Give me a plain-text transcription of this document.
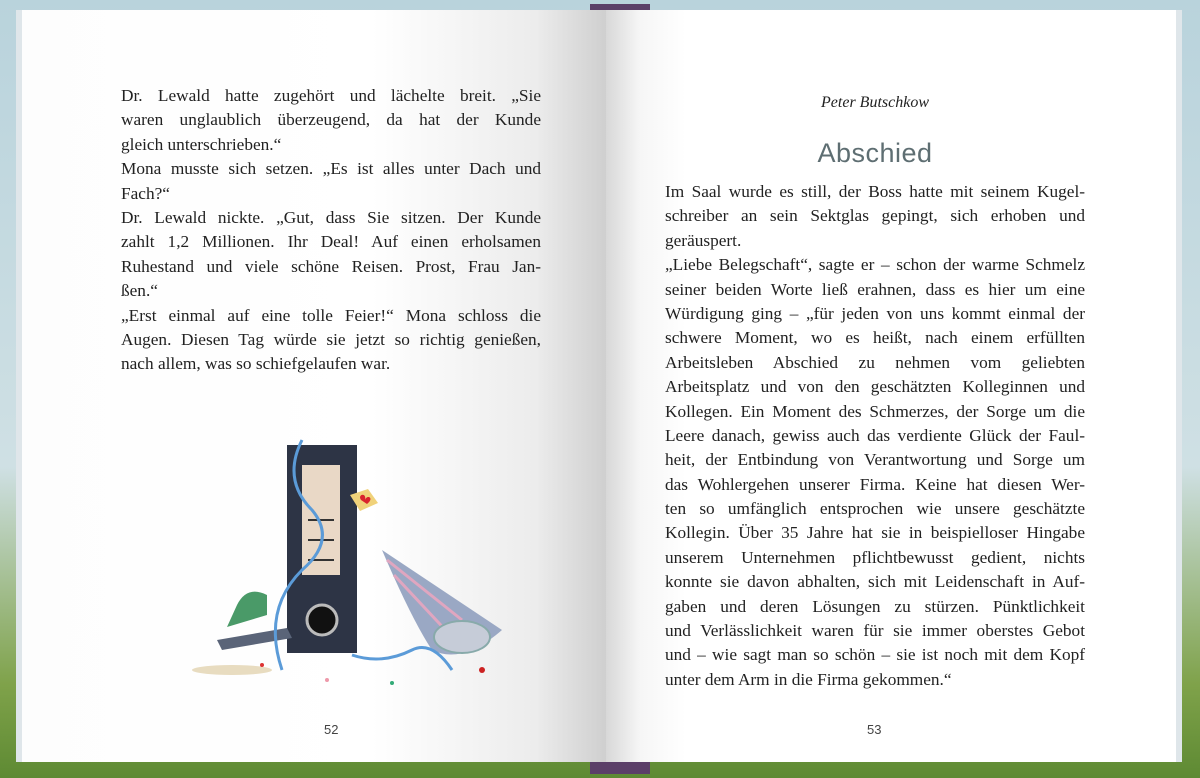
Dr. Lewald hatte zugehört und lächelte breit. „Sie
waren unglaublich überzeugend, da hat der Kunde
gleich unterschrieben.“
Mona musste sich setzen. „Es ist alles unter Dach und
Fach?“
Dr. Lewald nickte. „Gut, dass Sie sitzen. Der Kunde
zahlt 1,2 Millionen. Ihr Deal! Auf einen erholsamen
Ruhestand und viele schöne Reisen. Prost, Frau Jan-
ßen.“
„Erst einmal auf eine tolle Feier!“ Mona schloss die
Augen. Diesen Tag würde sie jetzt so richtig genießen,
nach allem, was so schiefgelaufen war.
52
Peter Butschkow
Abschied
Im Saal wurde es still, der Boss hatte mit seinem Kugel-
schreiber an sein Sektglas gepingt, sich erhoben und
geräuspert.
„Liebe Belegschaft“, sagte er – schon der warme Schmelz
seiner beiden Worte ließ erahnen, dass es hier um eine
Würdigung ging – „für jeden von uns kommt einmal der
schwere Moment, wo es heißt, nach einem erfüllten
Arbeitsleben Abschied zu nehmen vom geliebten
Arbeitsplatz und von den geschätzten Kolleginnen und
Kollegen. Ein Moment des Schmerzes, der Sorge um die
Leere danach, gewiss auch das verdiente Glück der Faul-
heit, der Entbindung von Verantwortung und Sorge um
das Wohlergehen unserer Firma. Keine hat diesen Wer-
ten so umfänglich entsprochen wie unsere geschätzte
Kollegin. Über 35 Jahre hat sie in beispielloser Hingabe
unserem Unternehmen pflichtbewusst gedient, nichts
konnte sie davon abhalten, sich mit Leidenschaft in Auf-
gaben und deren Lösungen zu stürzen. Pünktlichkeit
und Verlässlichkeit waren für sie immer oberstes Gebot
und – wie sagt man so schön – sie ist noch mit dem Kopf
unter dem Arm in die Firma gekommen.“
53
